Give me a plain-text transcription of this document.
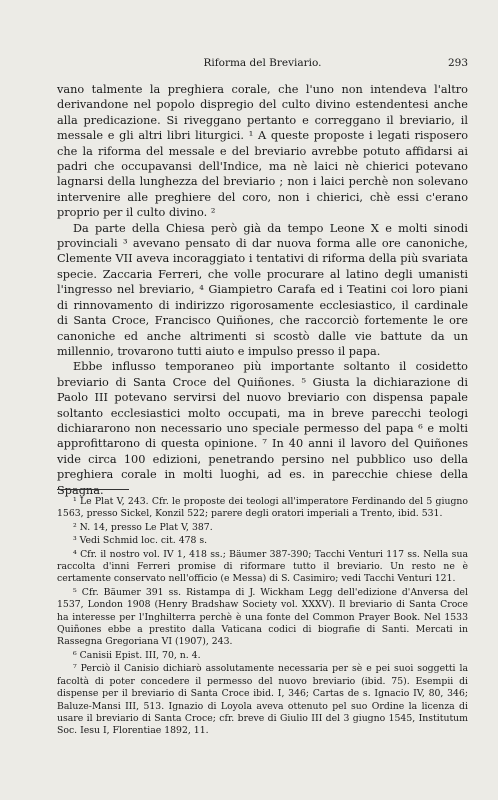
Riforma del Breviario.	293

vano talmente la preghiera corale, che l'uno non intendeva l'altro derivandone nel popolo dispregio del culto divino estendentesi anche alla predicazione. Si riveggano pertanto e correggano il breviario, il messale e gli altri libri liturgici. ¹ A queste proposte i legati risposero che la riforma del messale e del breviario avrebbe potuto affidarsi ai padri che occupavansi dell'Indice, ma nè laici nè chierici potevano lagnarsi della lunghezza del breviario ; non i laici perchè non solevano intervenire alle preghiere del coro, non i chierici, chè essi c'erano proprio per il culto divino. ²

Da parte della Chiesa però già da tempo Leone X e molti sinodi provinciali ³ avevano pensato di dar nuova forma alle ore canoniche, Clemente VII aveva incoraggiato i tentativi di riforma della più svariata specie. Zaccaria Ferreri, che volle procurare al latino degli umanisti l'ingresso nel breviario, ⁴ Giampietro Carafa ed i Teatini coi loro piani di rinnovamento di indirizzo rigorosamente ecclesiastico, il cardinale di Santa Croce, Francisco Quiñones, che raccorciò fortemente le ore canoniche ed anche altrimenti si scostò dalle vie battute da un millennio, trovarono tutti aiuto e impulso presso il papa.

Ebbe influsso temporaneo più importante soltanto il cosidetto breviario di Santa Croce del Quiñones. ⁵ Giusta la dichiarazione di Paolo III potevano servirsi del nuovo breviario con dispensa papale soltanto ecclesiastici molto occupati, ma in breve parecchi teologi dichiararono non necessario uno speciale permesso del papa ⁶ e molti approfittarono di questa opinione. ⁷ In 40 anni il lavoro del Quiñones vide circa 100 edizioni, penetrando persino nel pubblico uso della preghiera corale in molti luoghi, ad es. in parecchie chiese della Spagna.

¹ Le Plat V, 243. Cfr. le proposte dei teologi all'imperatore Ferdinando del 5 giugno 1563, presso Sickel, Konzil 522; parere degli oratori imperiali a Trento, ibid. 531.

² N. 14, presso Le Plat V, 387.

³ Vedi Schmid loc. cit. 478 s.

⁴ Cfr. il nostro vol. IV 1, 418 ss.; Bäumer 387-390; Tacchi Venturi 117 ss. Nella sua raccolta d'inni Ferreri promise di riformare tutto il breviario. Un resto ne è certamente conservato nell'officio (e Messa) di S. Casimiro; vedi Tacchi Venturi 121.

⁵ Cfr. Bäumer 391 ss. Ristampa di J. Wickham Legg dell'edizione d'Anversa del 1537, London 1908 (Henry Bradshaw Society vol. XXXV). Il breviario di Santa Croce ha interesse per l'Inghilterra perchè è una fonte del Common Prayer Book. Nel 1533 Quiñones ebbe a prestito dalla Vaticana codici di biografie di Santi. Mercati in Rassegna Gregoriana VI (1907), 243.

⁶ Canisii Epist. III, 70, n. 4.

⁷ Perciò il Canisio dichiarò assolutamente necessaria per sè e pei suoi soggetti la facoltà di poter concedere il permesso del nuovo breviario (ibid. 75). Esempii di dispense per il breviario di Santa Croce ibid. I, 346; Cartas de s. Ignacio IV, 80, 346; Baluze-Mansi III, 513. Ignazio di Loyola aveva ottenuto pel suo Ordine la licenza di usare il breviario di Santa Croce; cfr. breve di Giulio III del 3 giugno 1545, Institutum Soc. Iesu I, Florentiae 1892, 11.
